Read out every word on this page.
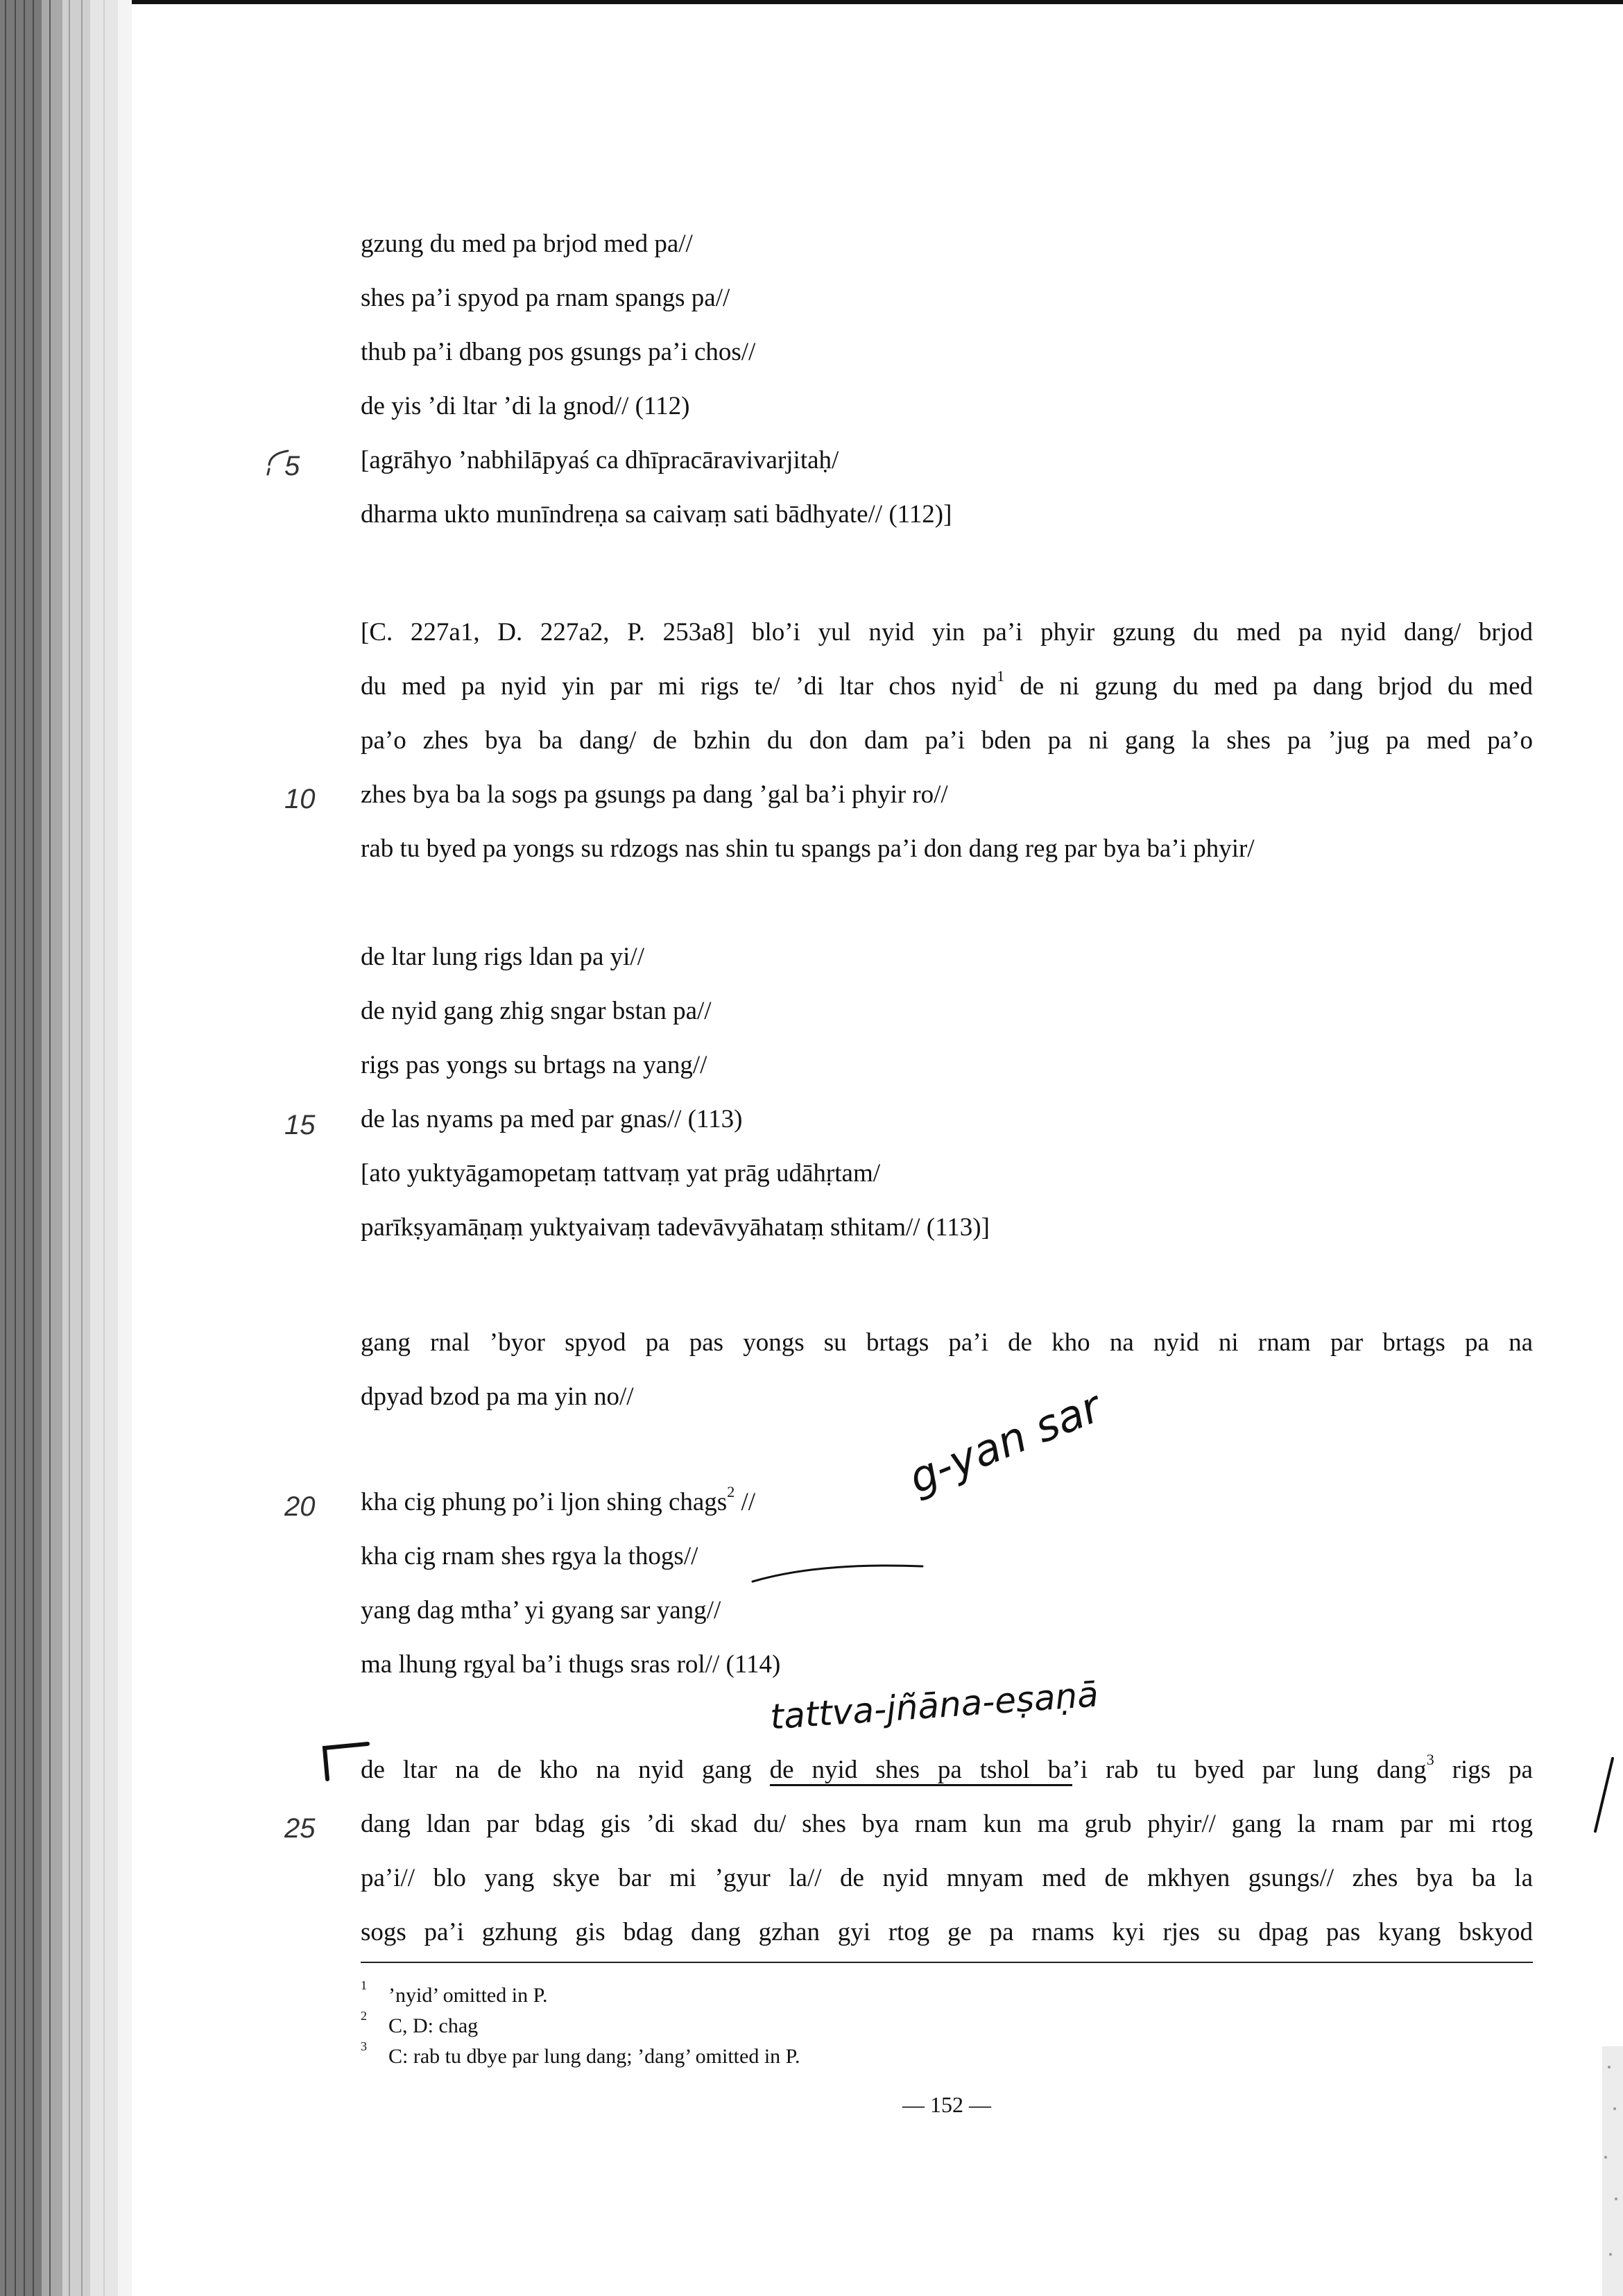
gzung du med pa brjod med pa//
shes pa’i spyod pa rnam spangs pa//
thub pa’i dbang pos gsungs pa’i chos//
de yis ’di ltar ’di la gnod// (112)
5 [agrāhyo ’nabhilāpyaś ca dhīpracāravivarjitaḥ/
dharma ukto munīndreṇa sa caivaṃ sati bādhyate// (112)]
[C. 227a1, D. 227a2, P. 253a8] blo’i yul nyid yin pa’i phyir gzung du med pa nyid dang/ brjod
du med pa nyid yin par mi rigs te/ ’di ltar chos nyid$^1$ de ni gzung du med pa dang brjod du med
pa’o zhes bya ba dang/ de bzhin du don dam pa’i bden pa ni gang la shes pa ’jug pa med pa’o
10 zhes bya ba la sogs pa gsungs pa dang ’gal ba’i phyir ro//
rab tu byed pa yongs su rdzogs nas shin tu spangs pa’i don dang reg par bya ba’i phyir/
de ltar lung rigs ldan pa yi//
de nyid gang zhig sngar bstan pa//
rigs pas yongs su brtags na yang//
15 de las nyams pa med par gnas// (113)
[ato yuktyāgamopetaṃ tattvaṃ yat prāg udāhṛtam/
parīkṣyamāṇaṃ yuktyaivaṃ tadevāvyāhataṃ sthitam// (113)]
gang rnal ’byor spyod pa pas yongs su brtags pa’i de kho na nyid ni rnam par brtags pa na
dpyad bzod pa ma yin no//
20 kha cig phung po’i ljon shing chags$^2$ //
kha cig rnam shes rgya la thogs//
yang dag mtha’ yi gyang sar yang//
ma lhung rgyal ba’i thugs sras rol// (114)
de ltar na de kho na nyid gang de nyid shes pa tshol ba’i rab tu byed par lung dang$^3$ rigs pa
25 dang ldan par bdag gis ’di skad du/ shes bya rnam kun ma grub phyir// gang la rnam par mi rtog
pa’i// blo yang skye bar mi ’gyur la// de nyid mnyam med de mkhyen gsungs// zhes bya ba la
sogs pa’i gzhung gis bdag dang gzhan gyi rtog ge pa rnams kyi rjes su dpag pas kyang bskyod
g-yan sar
tattva-jñāna-eṣaṇā
1 ’nyid’ omitted in P.
2 C, D: chag
3 C: rab tu dbye par lung dang; ’dang’ omitted in P.
— 152 —
